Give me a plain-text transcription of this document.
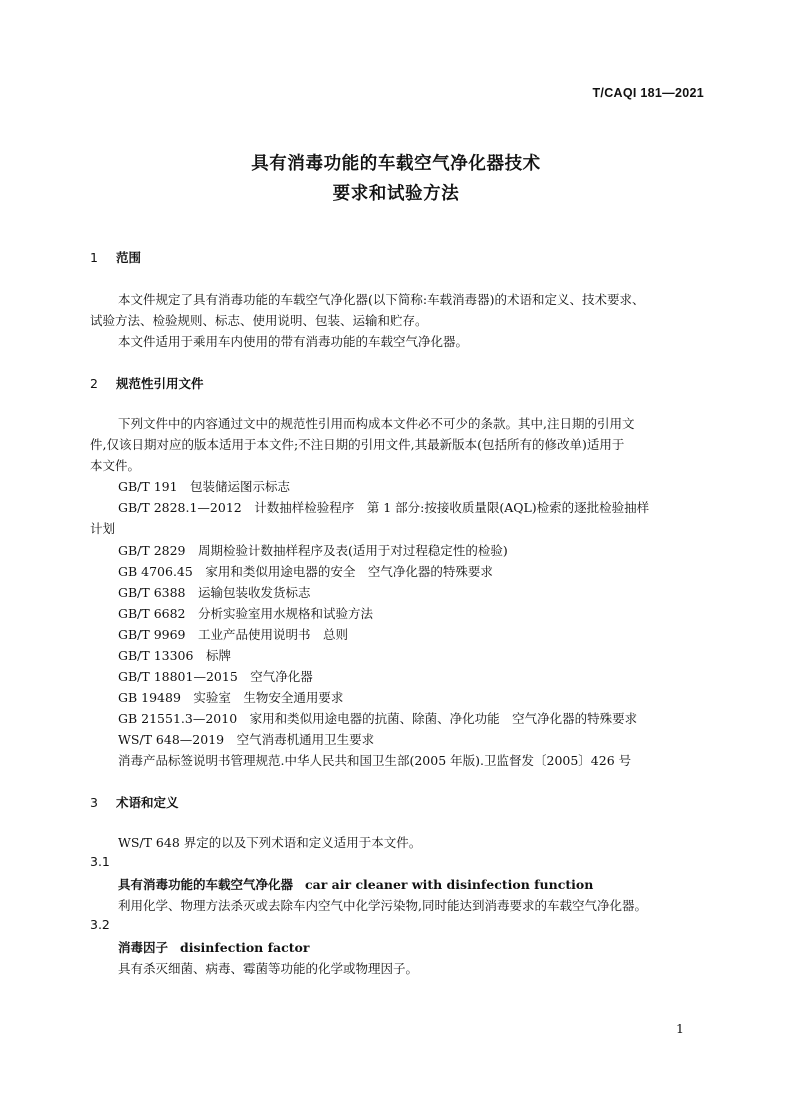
T/CAQI 181—2021
具有消毒功能的车载空气净化器技术
要求和试验方法
1 范围
本文件规定了具有消毒功能的车载空气净化器(以下简称:车载消毒器)的术语和定义、技术要求、
试验方法、检验规则、标志、使用说明、包装、运输和贮存。
本文件适用于乘用车内使用的带有消毒功能的车载空气净化器。
2 规范性引用文件
下列文件中的内容通过文中的规范性引用而构成本文件必不可少的条款。其中,注日期的引用文
件,仅该日期对应的版本适用于本文件;不注日期的引用文件,其最新版本(包括所有的修改单)适用于
本文件。
GB/T 191　包装储运图示标志
GB/T 2828.1—2012　计数抽样检验程序　第 1 部分:按接收质量限(AQL)检索的逐批检验抽样
计划
GB/T 2829　周期检验计数抽样程序及表(适用于对过程稳定性的检验)
GB 4706.45　家用和类似用途电器的安全　空气净化器的特殊要求
GB/T 6388　运输包装收发货标志
GB/T 6682　分析实验室用水规格和试验方法
GB/T 9969　工业产品使用说明书　总则
GB/T 13306　标牌
GB/T 18801—2015　空气净化器
GB 19489　实验室　生物安全通用要求
GB 21551.3—2010　家用和类似用途电器的抗菌、除菌、净化功能　空气净化器的特殊要求
WS/T 648—2019　空气消毒机通用卫生要求
消毒产品标签说明书管理规范.中华人民共和国卫生部(2005 年版).卫监督发〔2005〕426 号
3 术语和定义
WS/T 648 界定的以及下列术语和定义适用于本文件。
3.1
具有消毒功能的车载空气净化器 car air cleaner with disinfection function
利用化学、物理方法杀灭或去除车内空气中化学污染物,同时能达到消毒要求的车载空气净化器。
3.2
消毒因子 disinfection factor
具有杀灭细菌、病毒、霉菌等功能的化学或物理因子。
1
